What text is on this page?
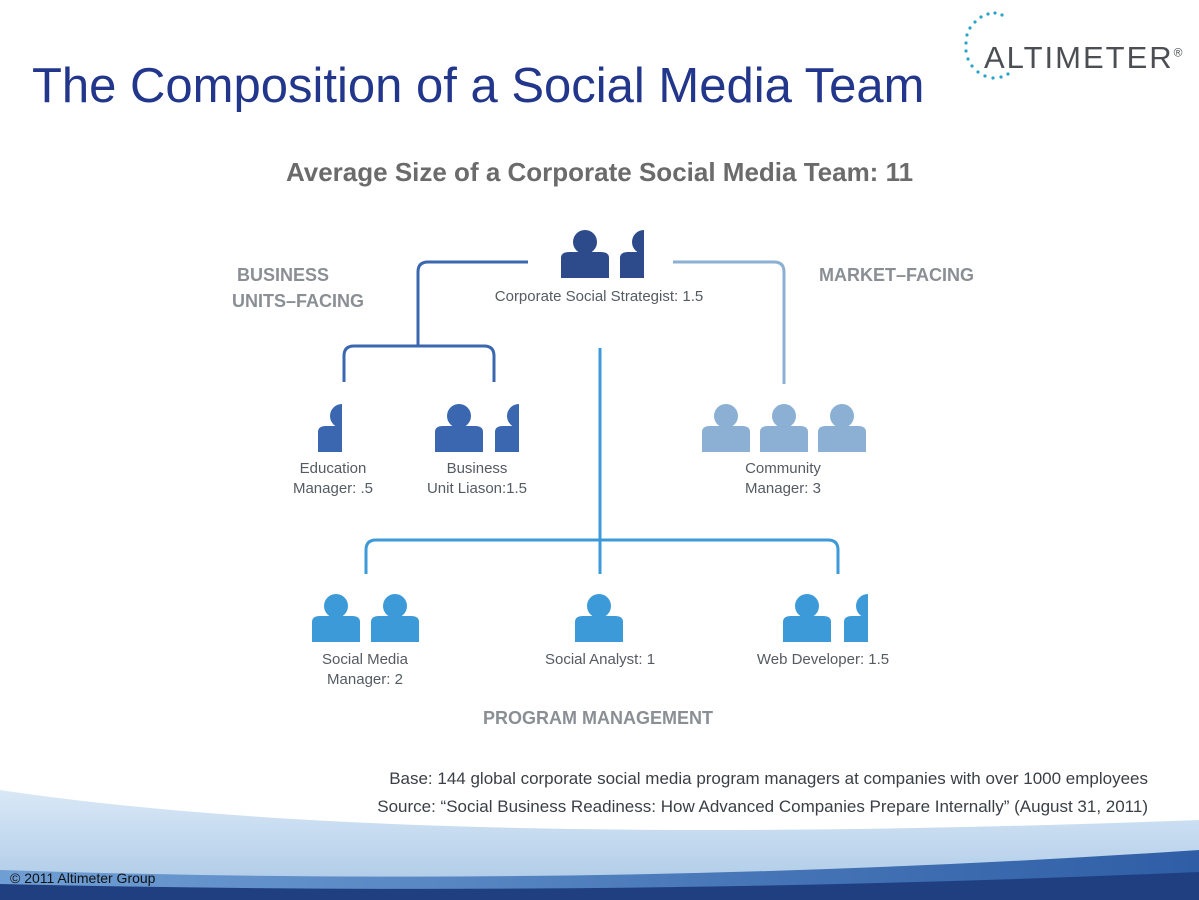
The Composition of a Social Media Team
ALTIMETER®
Average Size of a Corporate Social Media Team: 11
BUSINESS
UNITS–FACING
MARKET–FACING
PROGRAM MANAGEMENT
Corporate Social Strategist: 1.5
Education
Manager: .5
Business
Unit Liason:1.5
Community
Manager: 3
Social Media
Manager: 2
Social Analyst: 1	Web Developer: 1.5
Base: 144 global corporate social media program managers at companies with over 1000 employees
Source: “Social Business Readiness: How Advanced Companies Prepare Internally” (August 31, 2011)
© 2011 Altimeter Group
